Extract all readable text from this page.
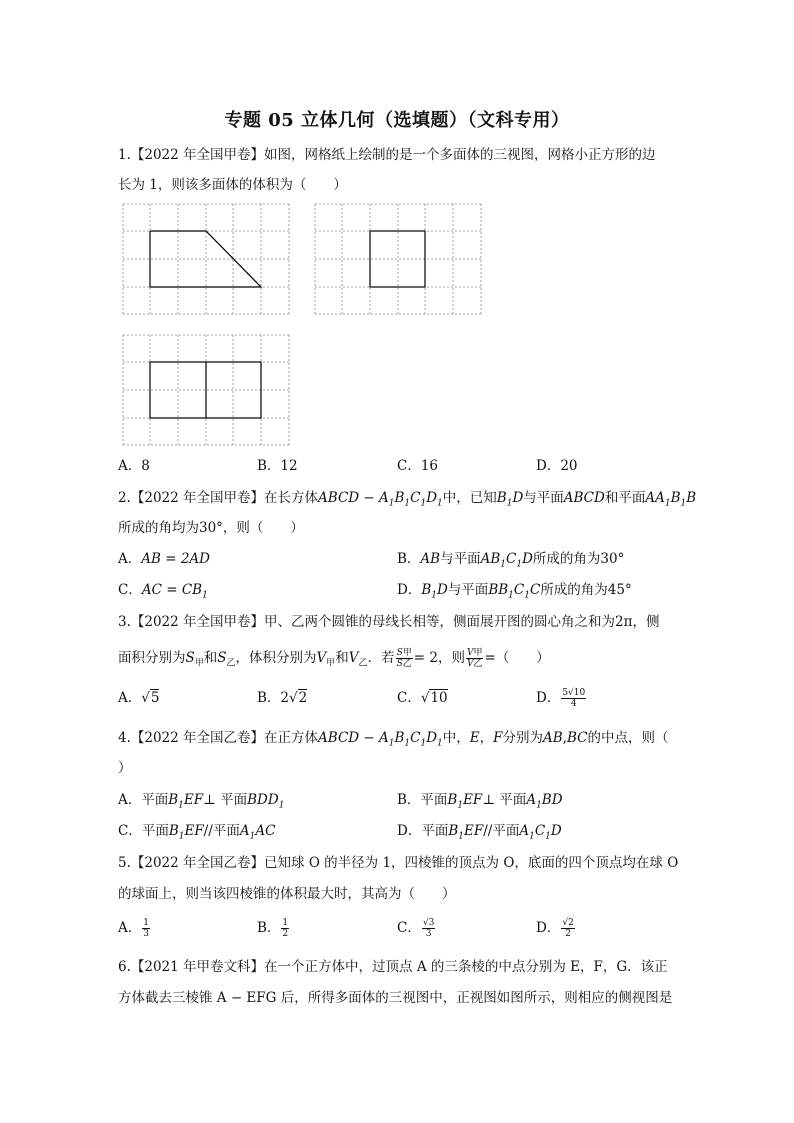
专题 05 立体几何（选填题）（文科专用）
1.【2022 年全国甲卷】如图，网格纸上绘制的是一个多面体的三视图，网格小正方形的边
长为 1，则该多面体的体积为（　　）
A．8	B．12	C．16	D．20
2.【2022 年全国甲卷】在长方体ABCD − $A_1B_1C_1D_1$中，已知$B_1D$与平面ABCD和平面$AA_1B_1B$
所成的角均为30°，则（　　）
A．AB = 2AD	B．AB与平面$AB_1C_1D$所成的角为30°
C．AC = $CB_1$	D．$B_1D$与平面$BB_1C_1C$所成的角为45°
3.【2022 年全国甲卷】甲、乙两个圆锥的母线长相等，侧面展开图的圆心角之和为2π，侧
面积分别为$S_甲$和$S_乙$，体积分别为$V_甲$和$V_乙$．若 $\frac{\text{S甲}}{\text{S乙}} = 2$，则 $\frac{\text{V甲}}{\text{V乙}}$ =（　　）
A．√5	B．2√2	C．√10	D． $\frac{5√10}{4}$
4.【2022 年全国乙卷】在正方体ABCD − $A_1B_1C_1D_1$中，E，F分别为AB,BC的中点，则（
）
A．平面$B_1EF\perp$ 平面$BDD_1$	B．平面$B_1EF\perp$ 平面$A_1BD$
C．平面$B_1EF//$平面$A_1AC$	D．平面$B_1EF//$平面$A_1C_1D$
5.【2022 年全国乙卷】已知球 O 的半径为 1，四棱锥的顶点为 O，底面的四个顶点均在球 O
的球面上，则当该四棱锥的体积最大时，其高为（　　）
A． $\frac{1}{3}$	B． $\frac{1}{2}$	C． $\frac{√3}{3}$	D． $\frac{√2}{2}$
6.【2021 年甲卷文科】在一个正方体中，过顶点 A 的三条棱的中点分别为 E，F，G．该正
方体截去三棱锥 A − EFG 后，所得多面体的三视图中，正视图如图所示，则相应的侧视图是
